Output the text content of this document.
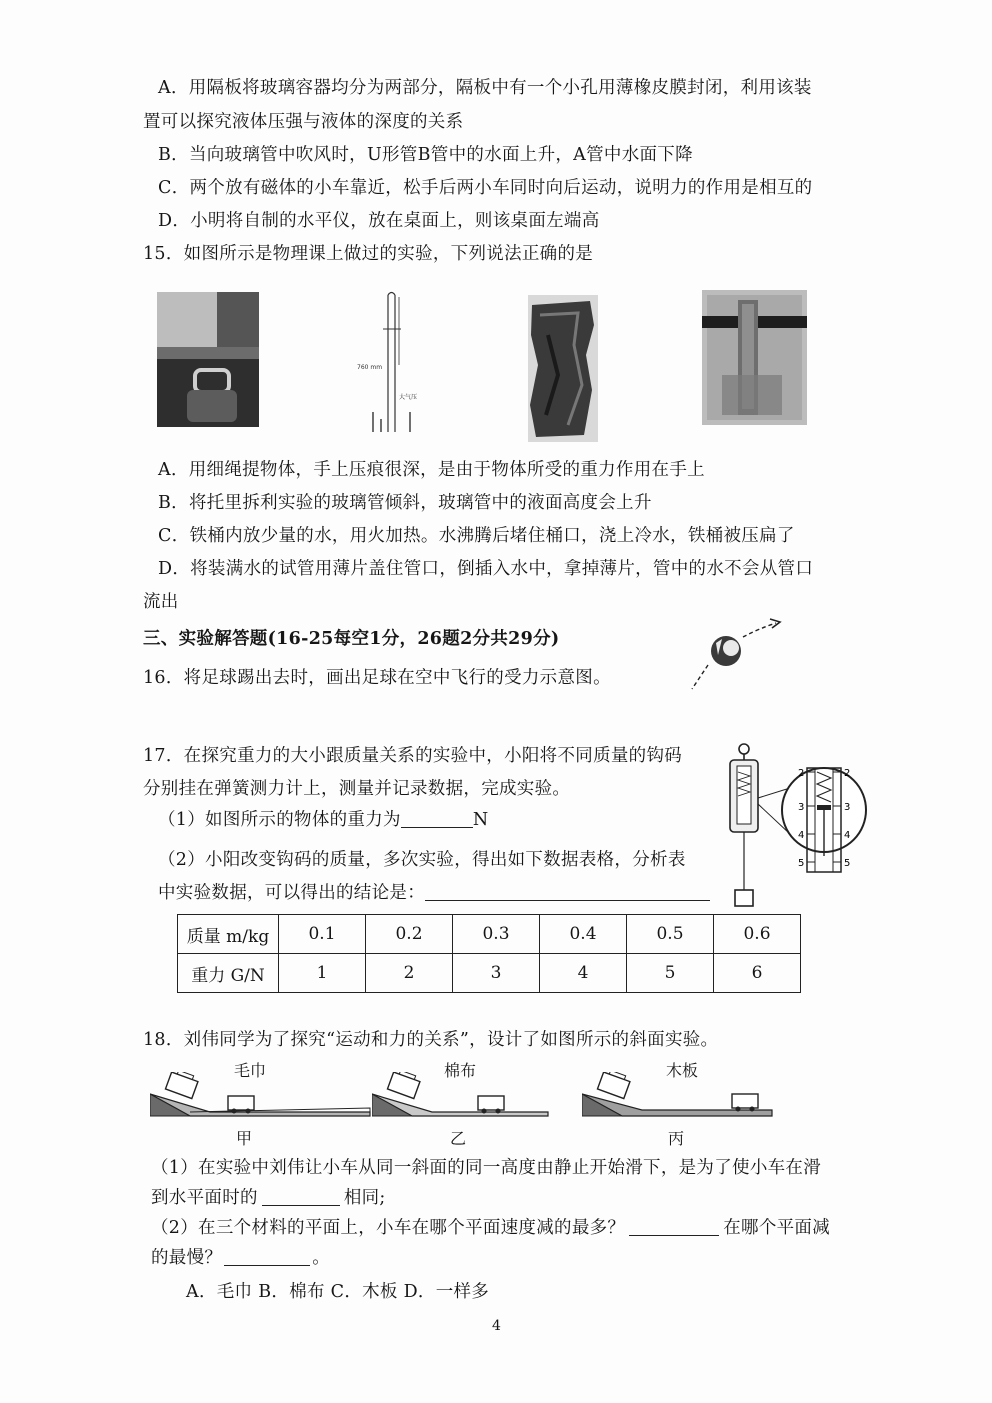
A．用隔板将玻璃容器均分为两部分，隔板中有一个小孔用薄橡皮膜封闭，利用该装
置可以探究液体压强与液体的深度的关系
B．当向玻璃管中吹风时，U形管B管中的水面上升，A管中水面下降
C．两个放有磁体的小车靠近，松手后两小车同时向后运动，说明力的作用是相互的
D．小明将自制的水平仪，放在桌面上，则该桌面左端高
15．如图所示是物理课上做过的实验，下列说法正确的是
760 mm
大气压
A．用细绳提物体，手上压痕很深，是由于物体所受的重力作用在手上
B．将托里拆利实验的玻璃管倾斜，玻璃管中的液面高度会上升
C．铁桶内放少量的水，用火加热。水沸腾后堵住桶口，浇上冷水，铁桶被压扁了
D．将装满水的试管用薄片盖住管口，倒插入水中，拿掉薄片，管中的水不会从管口
流出
三、实验解答题(16-25每空1分，26题2分共29分)
16．将足球踢出去时，画出足球在空中飞行的受力示意图。
17．在探究重力的大小跟质量关系的实验中，小阳将不同质量的钩码
分别挂在弹簧测力计上，测量并记录数据，完成实验。
（1）如图所示的物体的重力为	N
（2）小阳改变钩码的质量，多次实验，得出如下数据表格，分析表
中实验数据，可以得出的结论是：
2	2
3	3
4	4
5	5
质量 m/kg	0.1	0.2	0.3	0.4	0.5	0.6
重力 G/N	1	2	3	4	5	6
18．刘伟同学为了探究“运动和力的关系”，设计了如图所示的斜面实验。
毛巾	棉布	木板
甲	乙	丙
（1）在实验中刘伟让小车从同一斜面的同一高度由静止开始滑下，是为了使小车在滑
到水平面时的	相同;
（2）在三个材料的平面上，小车在哪个平面速度减的最多？	在哪个平面减
的最慢？	。
A．毛巾 B．棉布 C．木板 D．一样多
4
